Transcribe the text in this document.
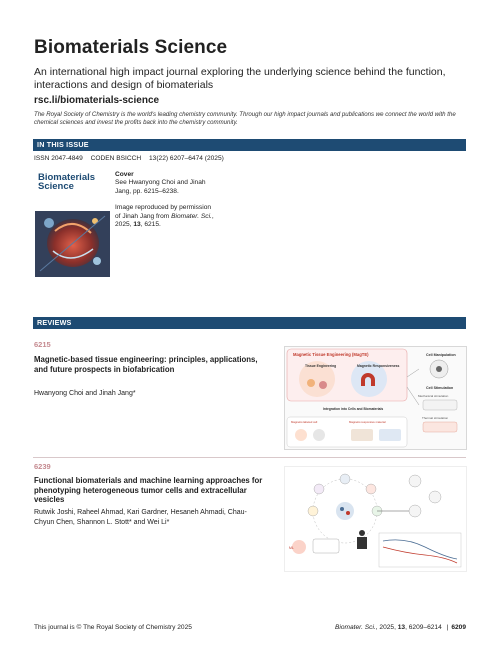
Biomaterials Science
An international high impact journal exploring the underlying science behind the function, interactions and design of biomaterials
rsc.li/biomaterials-science
The Royal Society of Chemistry is the world's leading chemistry community. Through our high impact journals and publications we connect the world with the chemical sciences and invest the profits back into the chemistry community.
IN THIS ISSUE
ISSN 2047-4849 CODEN BSICCH 13(22) 6207–6474 (2025)
Biomaterials Science
Cover
See Hwanyong Choi and Jinah Jang, pp. 6215–6238.
Image reproduced by permission of Jinah Jang from Biomater. Sci., 2025, 13, 6215.
REVIEWS
6215
Magnetic-based tissue engineering: principles, applications, and future prospects in biofabrication
Hwanyong Choi and Jinah Jang*
Magnetic Tissue Engineering (MagTE)
Tissue Engineering	Magnetic Responsiveness
Cell Manipulation
Cell Stimulation
Mechanical stimulation
Thermal stimulation
Integration into Cells and Biomaterials
Magnetic-labeled cell	Magnetic-responsive material
6239
Functional biomaterials and machine learning approaches for phenotyping heterogeneous tumor cells and extracellular vesicles
Rutwik Joshi, Raheel Ahmad, Kari Gardner, Hesaneh Ahmadi, Chau-Chyun Chen, Shannon L. Stott* and Wei Li*
ML
This journal is © The Royal Society of Chemistry 2025	Biomater. Sci., 2025, 13, 6209–6214 | 6209
